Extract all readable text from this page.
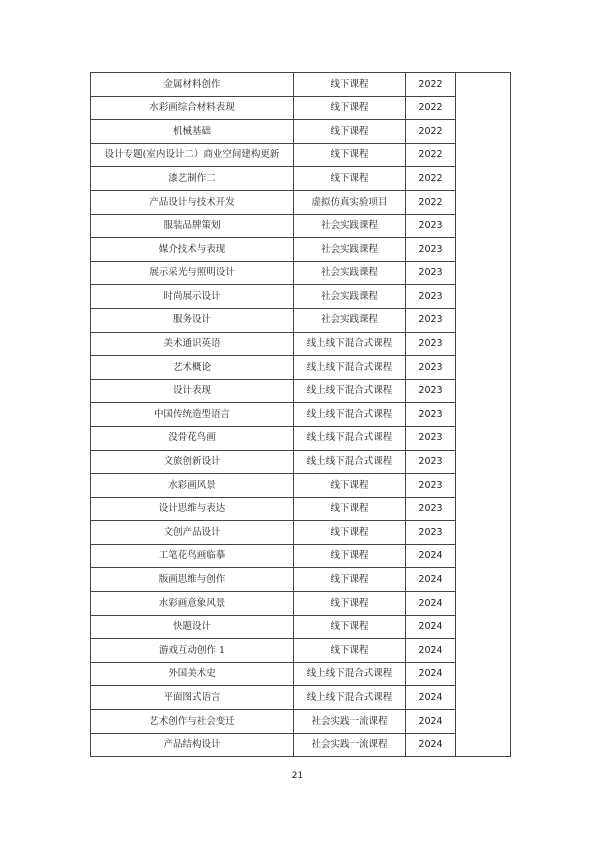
金属材料创作	线下课程	2022	
水彩画综合材料表现	线下课程	2022	
机械基础	线下课程	2022	
设计专题(室内设计二）商业空间建构更新	线下课程	2022	
漆艺制作二	线下课程	2022	
产品设计与技术开发	虚拟仿真实验项目	2022	
服装品牌策划	社会实践课程	2023	
媒介技术与表现	社会实践课程	2023	
展示采光与照明设计	社会实践课程	2023	
时尚展示设计	社会实践课程	2023	
服务设计	社会实践课程	2023	
美术通识英语	线上线下混合式课程	2023	
艺术概论	线上线下混合式课程	2023	
设计表现	线上线下混合式课程	2023	
中国传统造型语言	线上线下混合式课程	2023	
没骨花鸟画	线上线下混合式课程	2023	
文旅创新设计	线上线下混合式课程	2023	
水彩画风景	线下课程	2023	
设计思维与表达	线下课程	2023	
文创产品设计	线下课程	2023	
工笔花鸟画临摹	线下课程	2024	
版画思维与创作	线下课程	2024	
水彩画意象风景	线下课程	2024	
快题设计	线下课程	2024	
游戏互动创作 1	线下课程	2024	
外国美术史	线上线下混合式课程	2024	
平面图式语言	线上线下混合式课程	2024	
艺术创作与社会变迁	社会实践一流课程	2024	
产品结构设计	社会实践一流课程	2024	
21
